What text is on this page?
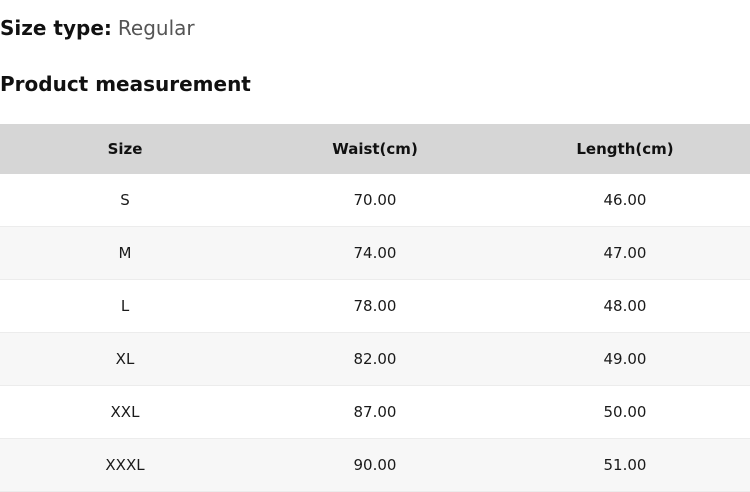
Size type: Regular
Product measurement
Size	Waist(cm)	Length(cm)
S	70.00	46.00
M	74.00	47.00
L	78.00	48.00
XL	82.00	49.00
XXL	87.00	50.00
XXXL	90.00	51.00
